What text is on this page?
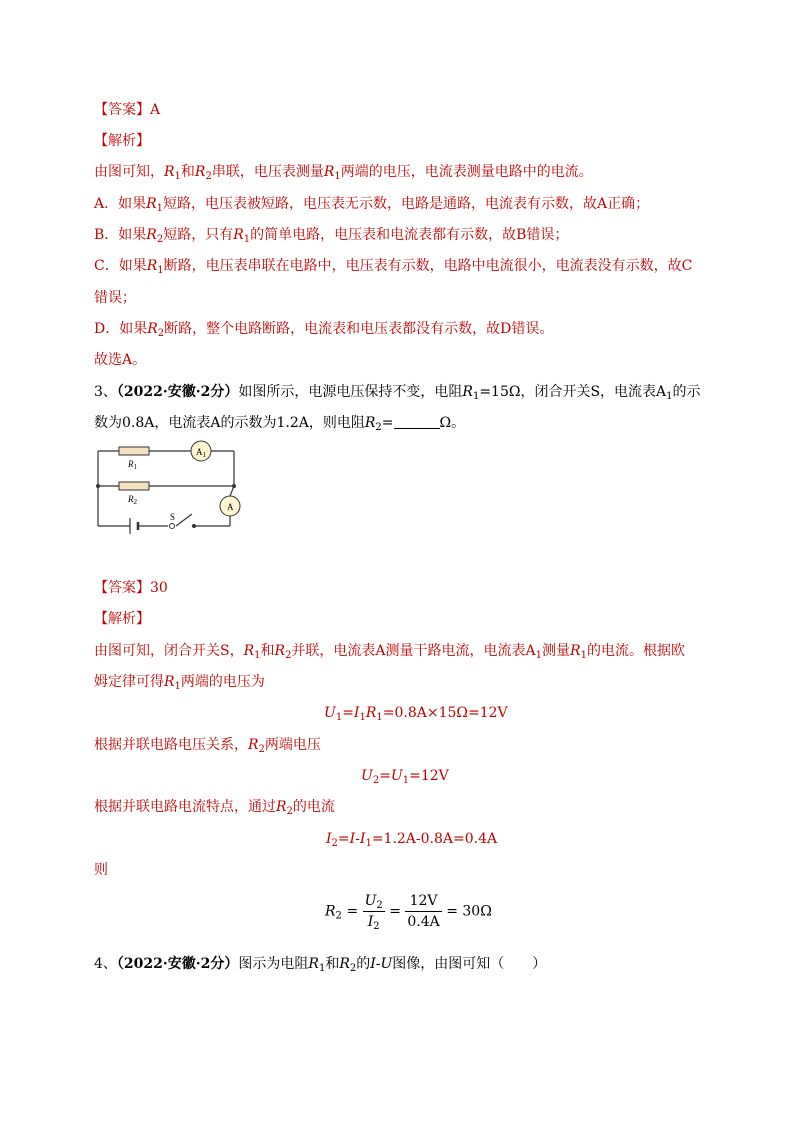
【答案】A
【解析】
由图可知，$R_1$和$R_2$串联，电压表测量$R_1$两端的电压，电流表测量电路中的电流。
A．如果$R_1$短路，电压表被短路，电压表无示数，电路是通路，电流表有示数，故A正确；
B．如果$R_2$短路，只有$R_1$的简单电路，电压表和电流表都有示数，故B错误；
C．如果$R_1$断路，电压表串联在电路中，电压表有示数，电路中电流很小，电流表没有示数，故C
错误；
D．如果$R_2$断路，整个电路断路，电流表和电压表都没有示数，故D错误。
故选A。
3、（2022·安徽·2分）如图所示，电源电压保持不变，电阻$R_1=15\Omega$，闭合开关S，电流表$A_1$的示
数为0.8A，电流表A的示数为1.2A，则电阻$R_2=$	Ω。
$R_1$
$R_2$
$A_1$
A
S
【答案】30
【解析】
由图可知，闭合开关S，$R_1$和$R_2$并联，电流表A测量干路电流，电流表$A_1$测量$R_1$的电流。根据欧
姆定律可得$R_1$两端的电压为
$U_1=I_1R_1=0.8A\times 15\Omega=12V$
根据并联电路电压关系，$R_2$两端电压
$U_2=U_1=12V$
根据并联电路电流特点，通过$R_2$的电流
$I_2=I-I_1=1.2A-0.8A=0.4A$
则
$R_2 = \frac{U_2}{I_2} = \frac{12V}{0.4A} = 30\Omega$
4、（2022·安徽·2分）图示为电阻$R_1$和$R_2$的I-U图像，由图可知（　　）
